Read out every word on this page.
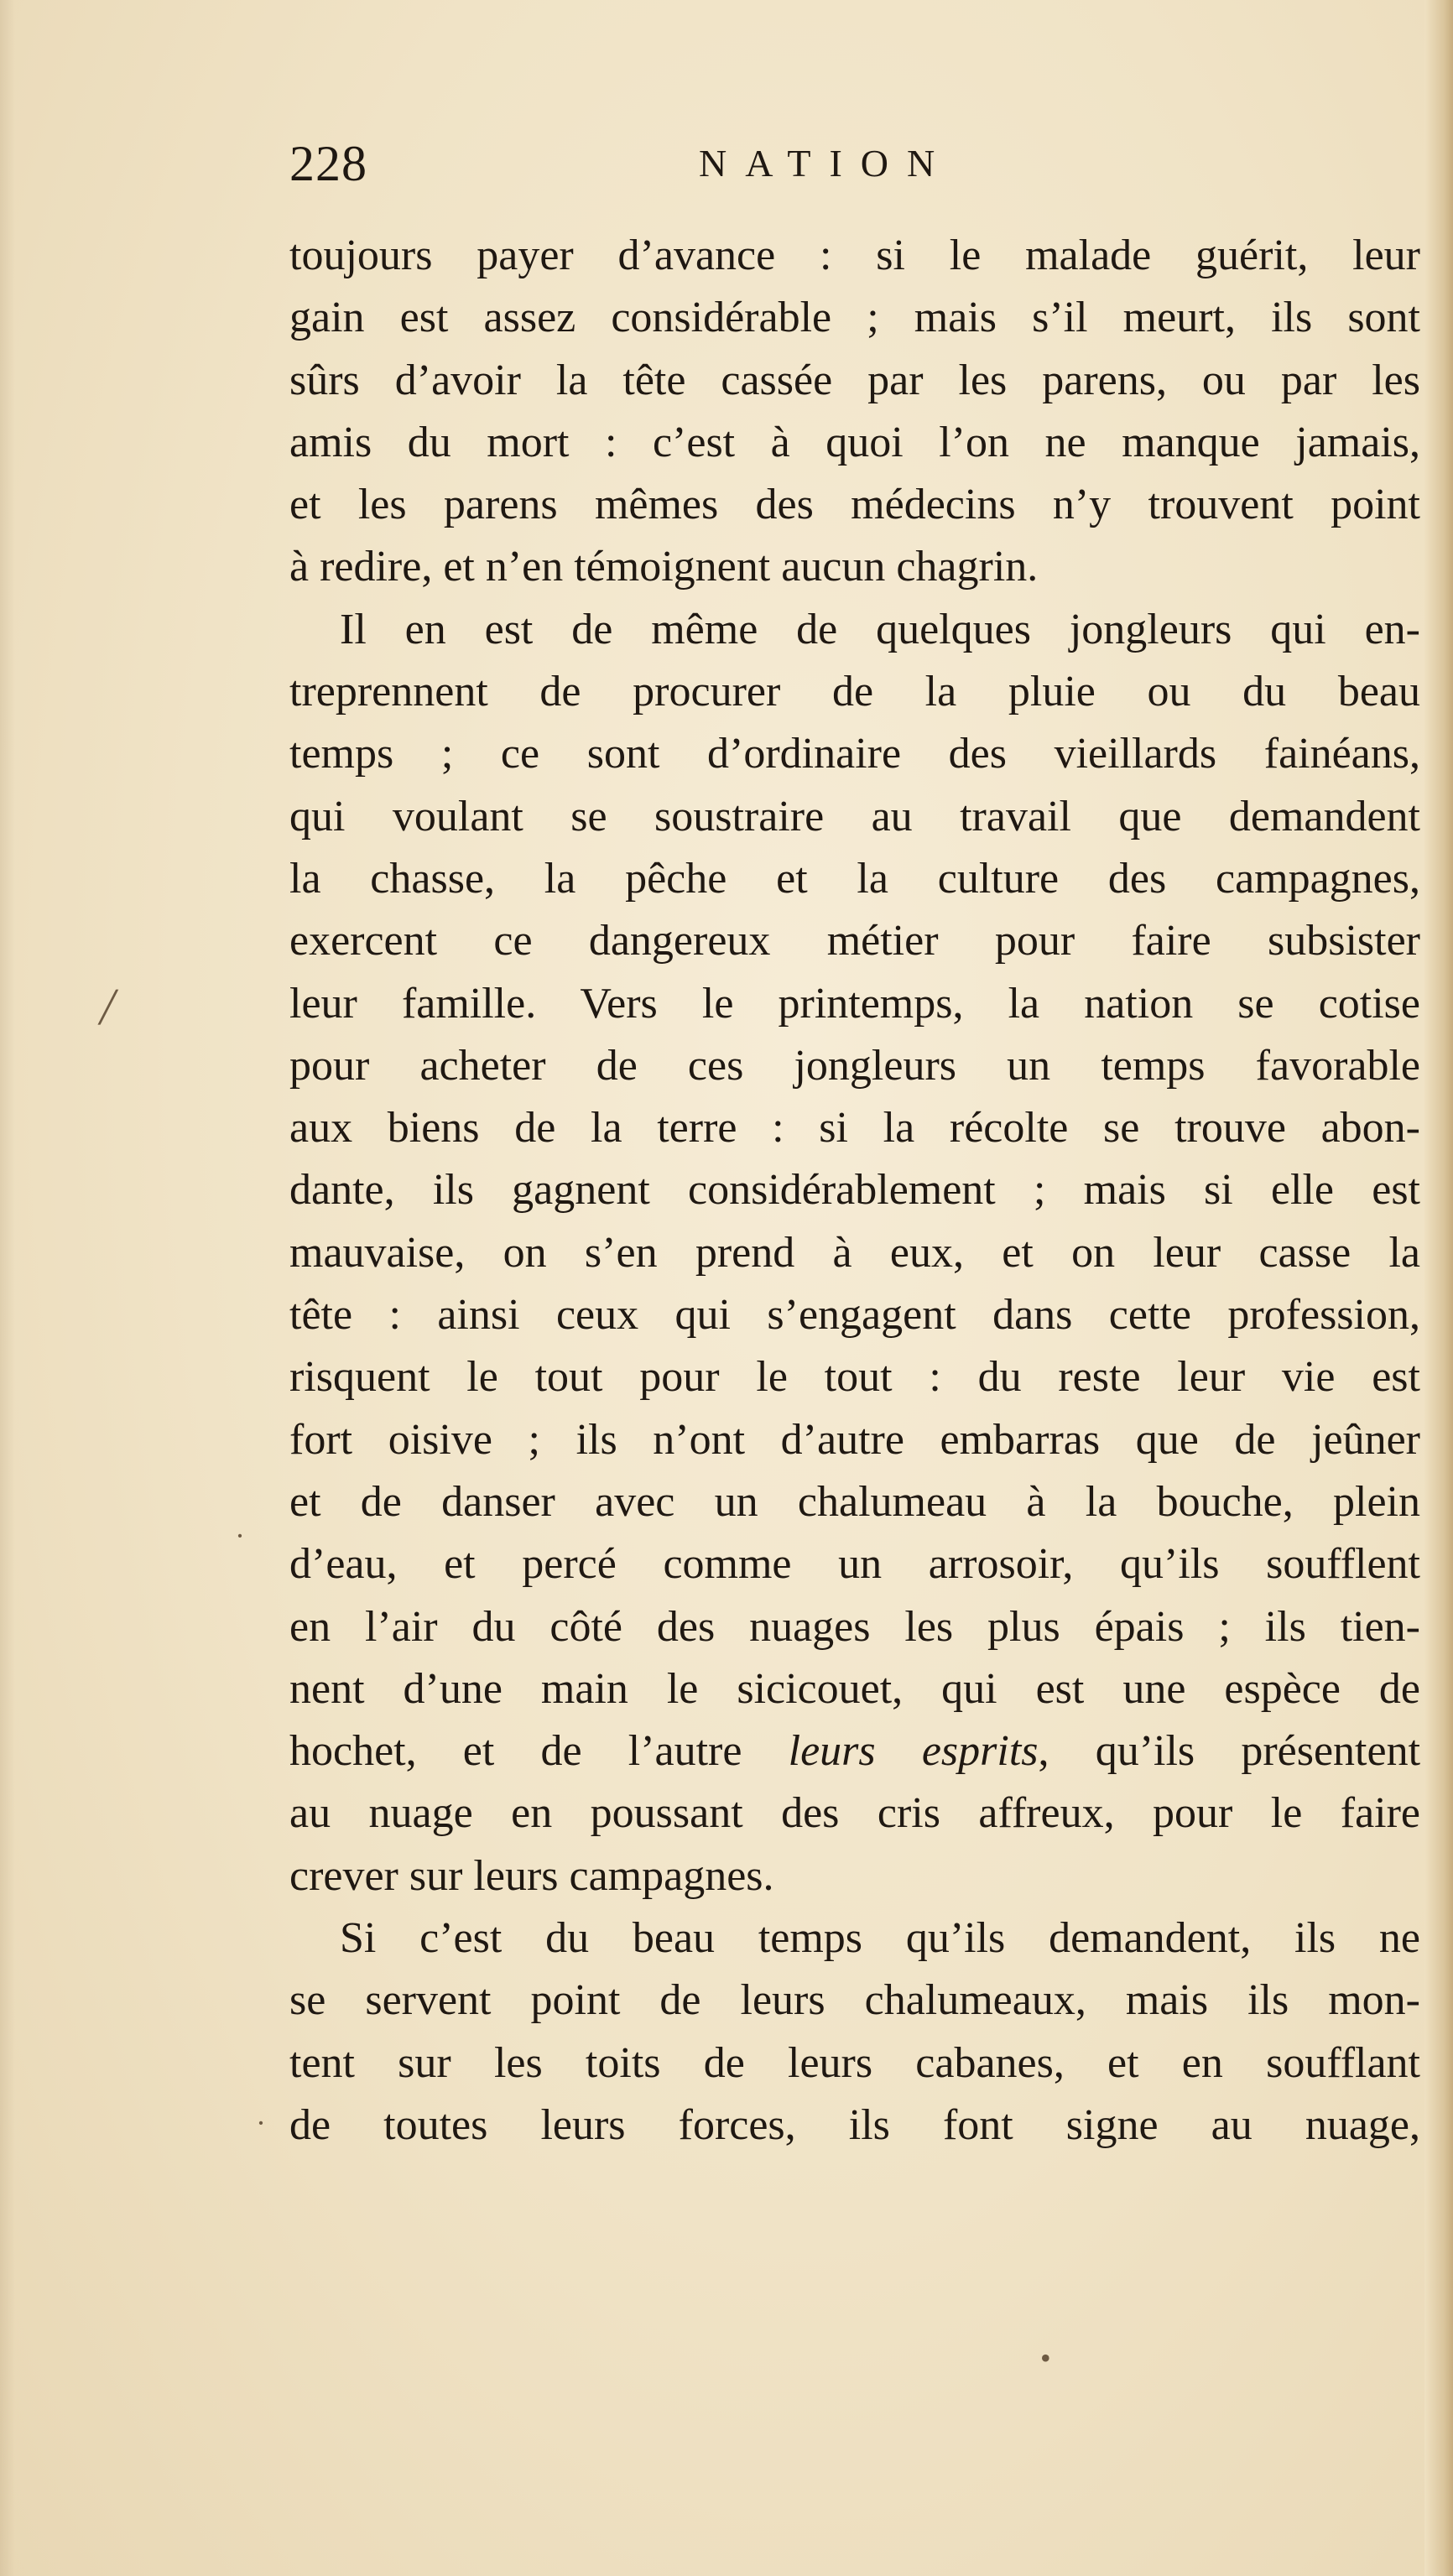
228	NATION
toujours payer d’avance : si le malade guérit, leur
gain est assez considérable ; mais s’il meurt, ils sont
sûrs d’avoir la tête cassée par les parens, ou par les
amis du mort : c’est à quoi l’on ne manque jamais,
et les parens mêmes des médecins n’y trouvent point
à redire, et n’en témoignent aucun chagrin.
Il en est de même de quelques jongleurs qui en-
treprennent de procurer de la pluie ou du beau
temps ; ce sont d’ordinaire des vieillards fainéans,
qui voulant se soustraire au travail que demandent
la chasse, la pêche et la culture des campagnes,
exercent ce dangereux métier pour faire subsister
leur famille. Vers le printemps, la nation se cotise
pour acheter de ces jongleurs un temps favorable
aux biens de la terre : si la récolte se trouve abon-
dante, ils gagnent considérablement ; mais si elle est
mauvaise, on s’en prend à eux, et on leur casse la
tête : ainsi ceux qui s’engagent dans cette profession,
risquent le tout pour le tout : du reste leur vie est
fort oisive ; ils n’ont d’autre embarras que de jeûner
et de danser avec un chalumeau à la bouche, plein
d’eau, et percé comme un arrosoir, qu’ils soufflent
en l’air du côté des nuages les plus épais ; ils tien-
nent d’une main le sicicouet, qui est une espèce de
hochet, et de l’autre leurs esprits, qu’ils présentent
au nuage en poussant des cris affreux, pour le faire
crever sur leurs campagnes.
Si c’est du beau temps qu’ils demandent, ils ne
se servent point de leurs chalumeaux, mais ils mon-
tent sur les toits de leurs cabanes, et en soufflant
de toutes leurs forces, ils font signe au nuage,
╱
·
·
•
